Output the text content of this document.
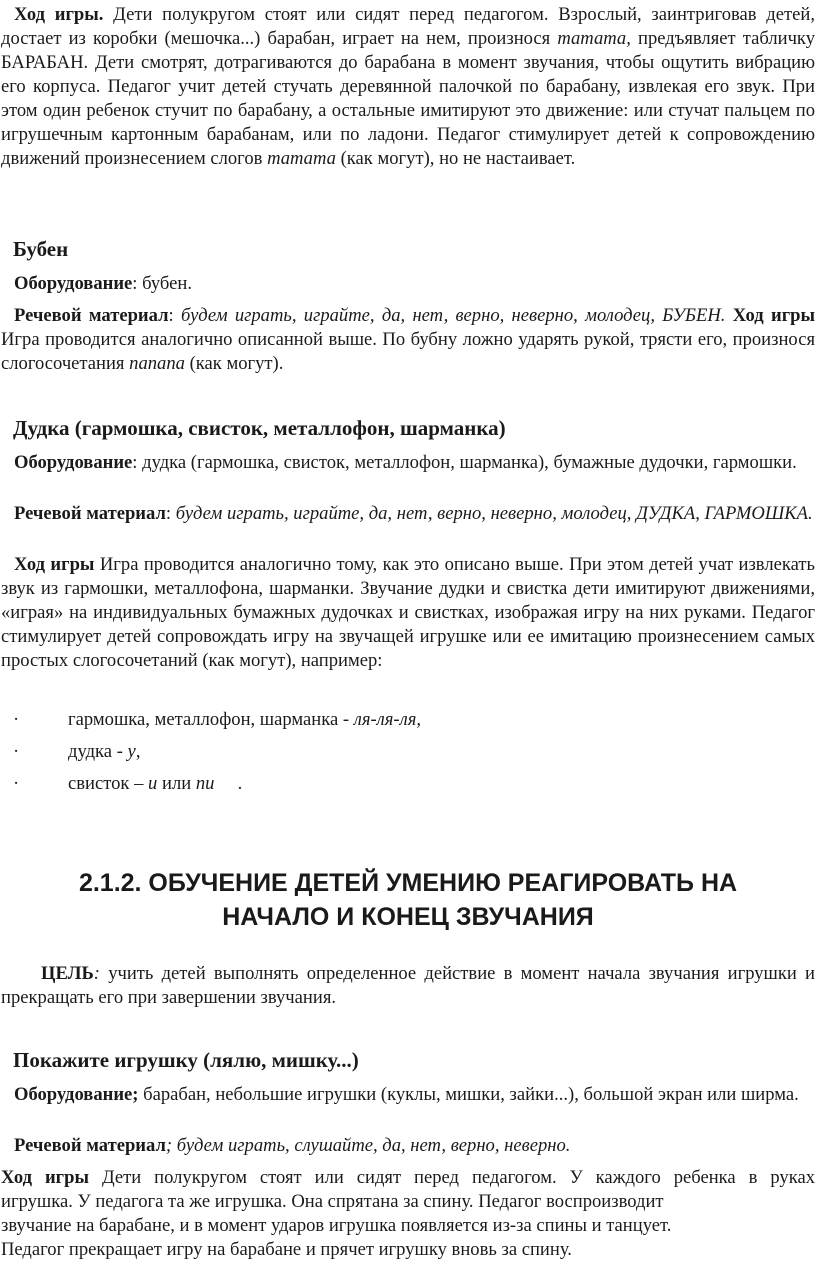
Ход игры. Дети полукругом стоят или сидят перед педагогом. Взрослый, заинтриговав детей, достает из коробки (мешочка...) барабан, играет на нем, произнося татата, предъявляет табличку БАРАБАН. Дети смотрят, дотрагиваются до барабана в момент звучания, чтобы ощутить вибрацию его корпуса. Педагог учит детей стучать деревянной палочкой по барабану, извлекая его звук. При этом один ребенок стучит по барабану, а остальные имитируют это движение: или стучат пальцем по игрушечным картонным барабанам, или по ладони. Педагог стимулирует детей к сопровождению движений произнесением слогов татата (как могут), но не настаивает.

Бубен

Оборудование: бубен.

Речевой материал: будем играть, играйте, да, нет, верно, неверно, молодец, БУБЕН. Ход игры Игра проводится аналогично описанной выше. По бубну ложно ударять рукой, трясти его, произнося слогосочетания папапа (как могут).

Дудка (гармошка, свисток, металлофон, шарманка)

Оборудование: дудка (гармошка, свисток, металлофон, шарманка), бумажные дудочки, гармошки.

Речевой материал: будем играть, играйте, да, нет, верно, неверно, молодец, ДУДКА, ГАРМОШКА.

Ход игры Игра проводится аналогично тому, как это описано выше. При этом детей учат извлекать звук из гармошки, металлофона, шарманки. Звучание дудки и свистка дети имитируют движениями, «играя» на индивидуальных бумажных дудочках и свистках, изображая игру на них руками. Педагог стимулирует детей сопровождать игру на звучащей игрушке или ее имитацию произнесением самых простых слогосочетаний (как могут), например:

·	гармошка, металлофон, шарманка - ля-ля-ля,
·	дудка - у,
·	свисток – и или пи     .
2.1.2. ОБУЧЕНИЕ ДЕТЕЙ УМЕНИЮ РЕАГИРОВАТЬ НА
НАЧАЛО И КОНЕЦ ЗВУЧАНИЯ

ЦЕЛЬ: учить детей выполнять определенное действие в момент начала звучания игрушки и прекращать его при завершении звучания.

Покажите игрушку (лялю, мишку...)

Оборудование; барабан, небольшие игрушки (куклы, мишки, зайки...), большой экран или ширма.

Речевой материал; будем играть, слушайте, да, нет, верно, неверно.

Ход игры Дети полукругом стоят или сидят перед педагогом. У каждого ребенка в руках
игрушка. У педагога та же игрушка. Она спрятана за спину. Педагог воспроизводит
звучание на барабане, и в момент ударов игрушка появляется из-за спины и танцует.
Педагог прекращает игру на барабане и прячет игрушку вновь за спину.
